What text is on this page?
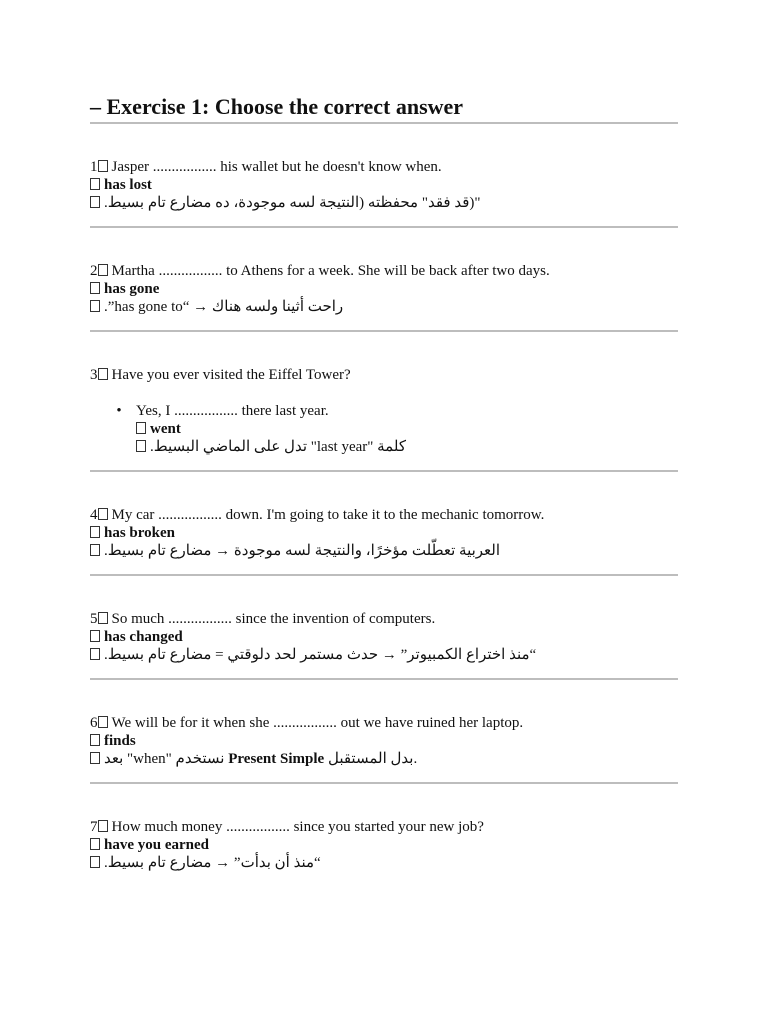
– Exercise 1: Choose the correct answer
1 Jasper ................. his wallet but he doesn't know when.
has lost
"(قد فقد" محفظته (النتيجة لسه موجودة، ده مضارع تام بسيط.
2 Martha ................. to Athens for a week. She will be back after two days.
has gone
راحت أثينا ولسه هناك → “has gone to”.
3 Have you ever visited the Eiffel Tower?
• Yes, I ................. there last year.
went
كلمة "last year" تدل على الماضي البسيط.
4 My car ................. down. I'm going to take it to the mechanic tomorrow.
has broken
العربية تعطّلت مؤخرًا، والنتيجة لسه موجودة → مضارع تام بسيط.
5 So much ................. since the invention of computers.
has changed
“منذ اختراع الكمبيوتر” → حدث مستمر لحد دلوقتي = مضارع تام بسيط.
6 We will be for it when she ................. out we have ruined her laptop.
finds
بعد "when" نستخدم Present Simple بدل المستقبل.
7 How much money ................. since you started your new job?
have you earned
“منذ أن بدأت” → مضارع تام بسيط.
